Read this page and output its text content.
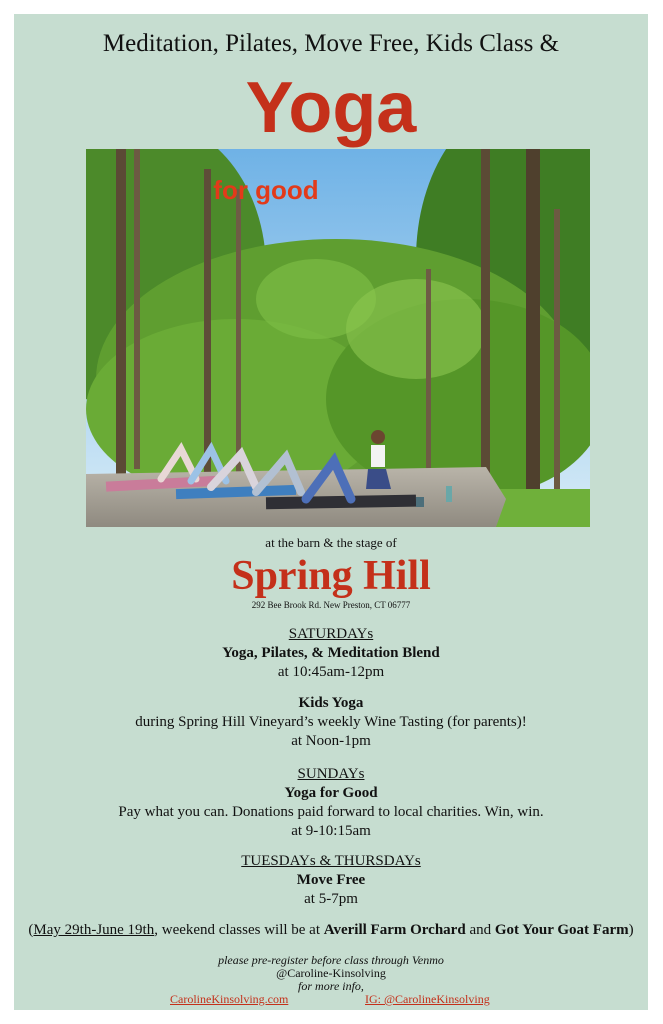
Meditation, Pilates, Move Free, Kids Class &
Yoga
for good
at the barn & the stage of
Spring Hill
292 Bee Brook Rd. New Preston, CT 06777
SATURDAYs
Yoga, Pilates, & Meditation Blend
at 10:45am-12pm
Kids Yoga
during Spring Hill Vineyard’s weekly Wine Tasting (for parents)!
at Noon-1pm
SUNDAYs
Yoga for Good
Pay what you can. Donations paid forward to local charities. Win, win.
at 9-10:15am
TUESDAYs & THURSDAYs
Move Free
at 5-7pm
(May 29th-June 19th, weekend classes will be at Averill Farm Orchard and Got Your Goat Farm)
please pre-register before class through Venmo
@Caroline-Kinsolving
for more info,
CarolineKinsolving.com	IG: @CarolineKinsolving
